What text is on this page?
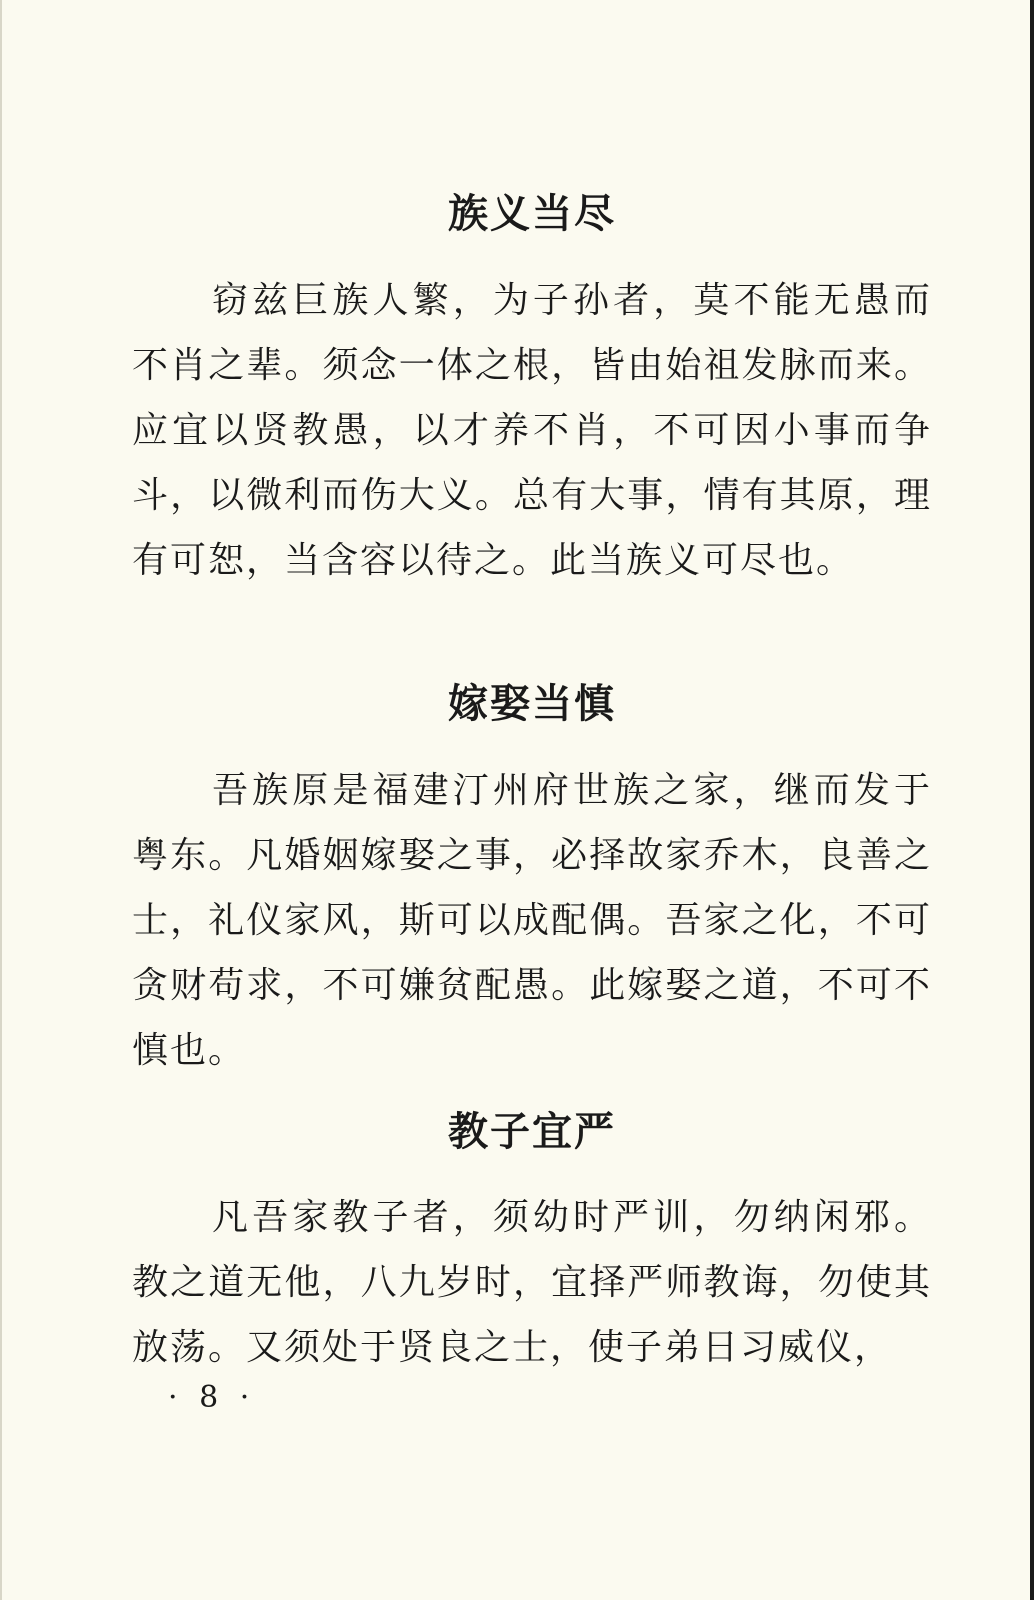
族义当尽

窃兹巨族人繁，为子孙者，莫不能无愚而不肖之辈。须念一体之根，皆由始祖发脉而来。应宜以贤教愚，以才养不肖，不可因小事而争斗，以微利而伤大义。总有大事，情有其原，理有可恕，当含容以待之。此当族义可尽也。

嫁娶当慎

吾族原是福建汀州府世族之家，继而发于粤东。凡婚姻嫁娶之事，必择故家乔木，良善之士，礼仪家风，斯可以成配偶。吾家之化，不可贪财苟求，不可嫌贫配愚。此嫁娶之道，不可不慎也。

教子宜严

凡吾家教子者，须幼时严训，勿纳闲邪。教之道无他，八九岁时，宜择严师教诲，勿使其放荡。又须处于贤良之士，使子弟日习威仪，

· 8 ·
